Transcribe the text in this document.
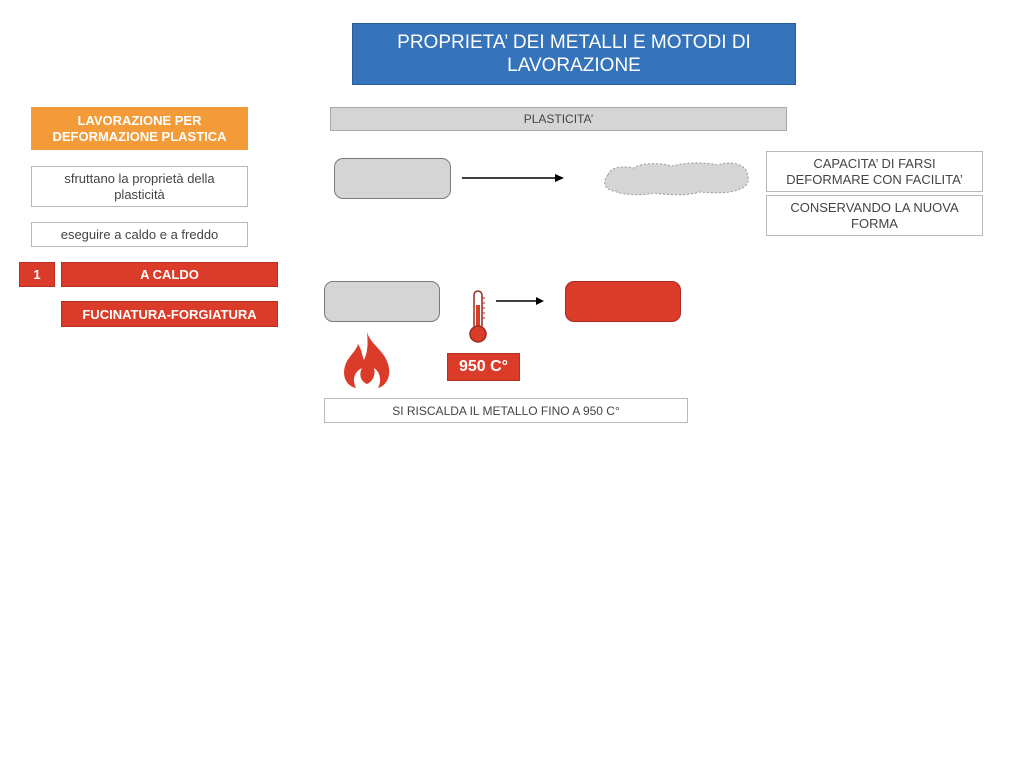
PROPRIETA’ DEI METALLI E MOTODI DI LAVORAZIONE
LAVORAZIONE PER DEFORMAZIONE PLASTICA
sfruttano la proprietà della plasticità
eseguire a caldo e a freddo
1	A CALDO
FUCINATURA-FORGIATURA
PLASTICITA’
CAPACITA’ DI FARSI DEFORMARE CON FACILITA’
CONSERVANDO LA NUOVA FORMA
950 C°
SI RISCALDA IL METALLO FINO A 950 C°
